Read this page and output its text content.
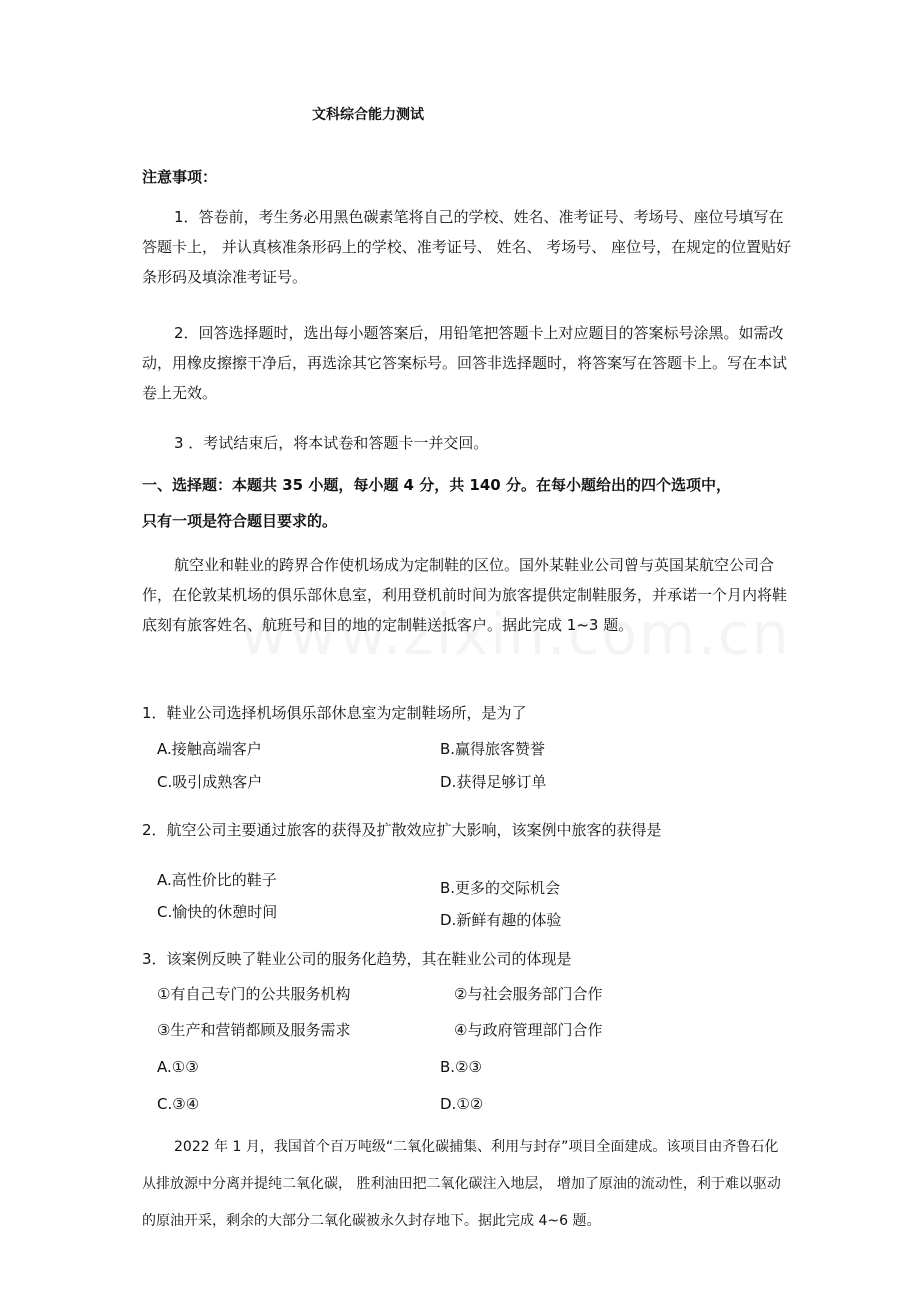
文科综合能力测试
注意事项：
1．答卷前，考生务必用黑色碳素笔将自己的学校、姓名、准考证号、考场号、座位号填写在答题卡上， 并认真核准条形码上的学校、准考证号、 姓名、 考场号、 座位号，在规定的位置贴好条形码及填涂准考证号。
2．回答选择题时，选出每小题答案后，用铅笔把答题卡上对应题目的答案标号涂黑。如需改动，用橡皮擦擦干净后，再选涂其它答案标号。回答非选择题时，将答案写在答题卡上。写在本试卷上无效。
3 ．考试结束后，将本试卷和答题卡一并交回。
一、选择题：本题共 35 小题，每小题 4 分，共 140 分。在每小题给出的四个选项中，
只有一项是符合题目要求的。
航空业和鞋业的跨界合作使机场成为定制鞋的区位。国外某鞋业公司曾与英国某航空公司合作，在伦敦某机场的俱乐部休息室，利用登机前时间为旅客提供定制鞋服务，并承诺一个月内将鞋底刻有旅客姓名、航班号和目的地的定制鞋送抵客户。据此完成 1~3 题。
1．鞋业公司选择机场俱乐部休息室为定制鞋场所，是为了
A.接触高端客户	B.赢得旅客赞誉
C.吸引成熟客户	D.获得足够订单
2．航空公司主要通过旅客的获得及扩散效应扩大影响，该案例中旅客的获得是
A.高性价比的鞋子	B.更多的交际机会
C.愉快的休憩时间	D.新鲜有趣的体验
3．该案例反映了鞋业公司的服务化趋势，其在鞋业公司的体现是
①有自己专门的公共服务机构	②与社会服务部门合作
③生产和营销都顾及服务需求	④与政府管理部门合作
A.①③	B.②③
C.③④	D.①②
2022 年 1 月，我国首个百万吨级“二氧化碳捕集、利用与封存”项目全面建成。该项目由齐鲁石化从排放源中分离并提纯二氧化碳， 胜利油田把二氧化碳注入地层， 增加了原油的流动性，利于难以驱动的原油开采，剩余的大部分二氧化碳被永久封存地下。据此完成 4~6 题。
